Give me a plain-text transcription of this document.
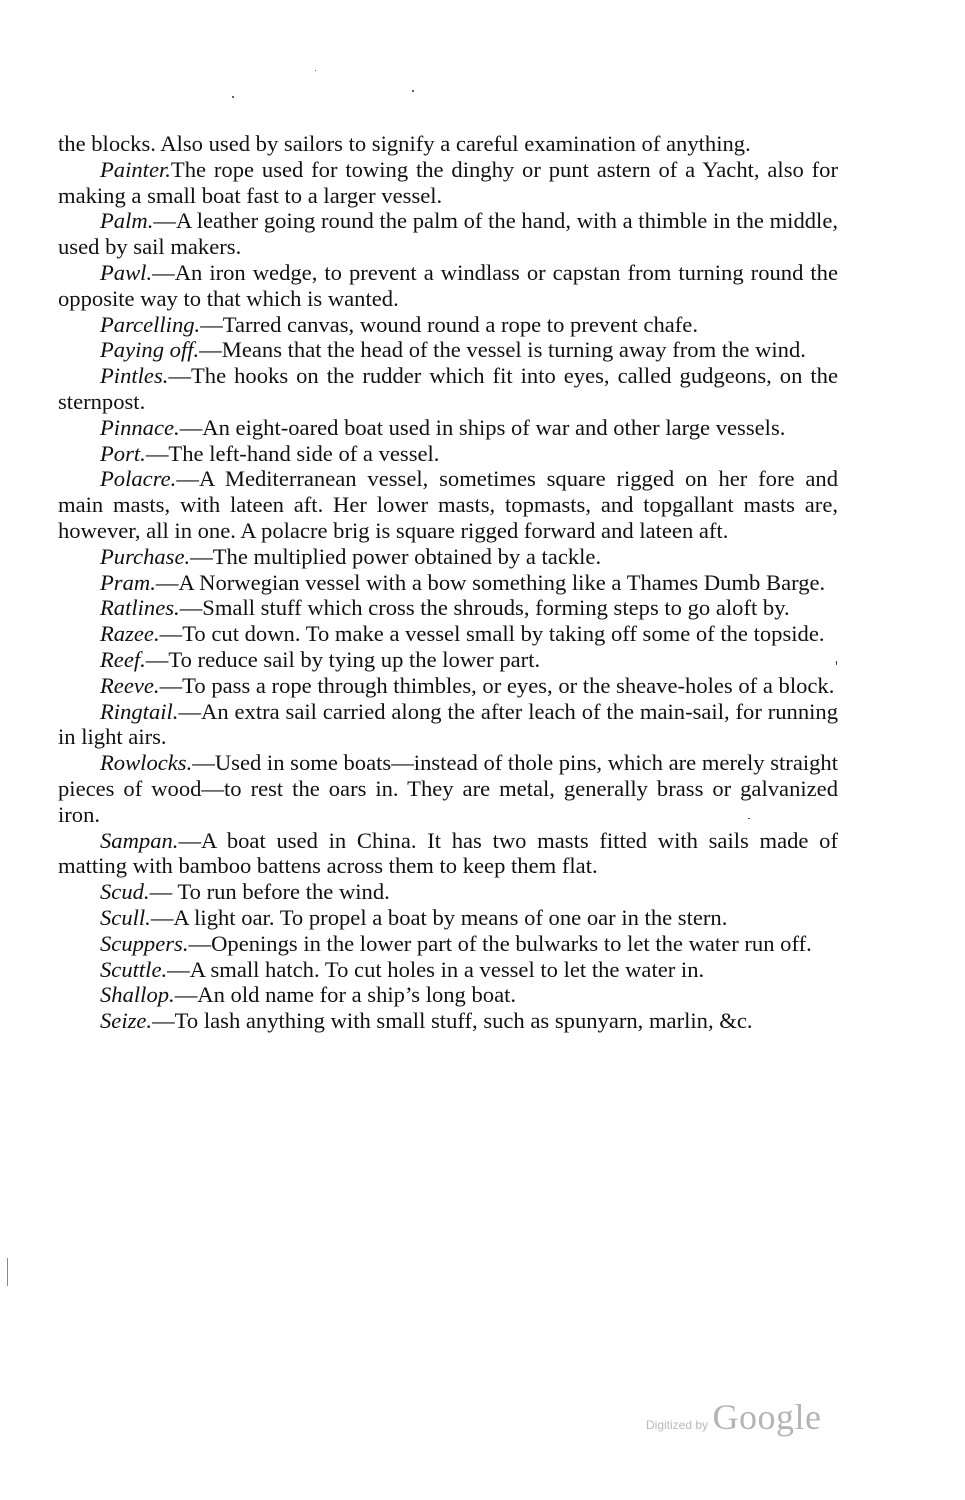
the blocks. Also used by sailors to signify a careful examination of anything.

Painter.The rope used for towing the dinghy or punt astern of a Yacht, also for making a small boat fast to a larger vessel.

Palm.—A leather going round the palm of the hand, with a thimble in the middle, used by sail makers.

Pawl.—An iron wedge, to prevent a windlass or capstan from turning round the opposite way to that which is wanted.

Parcelling.—Tarred canvas, wound round a rope to prevent chafe.

Paying off.—Means that the head of the vessel is turning away from the wind.

Pintles.—The hooks on the rudder which fit into eyes, called gudgeons, on the sternpost.

Pinnace.—An eight-oared boat used in ships of war and other large vessels.

Port.—The left-hand side of a vessel.

Polacre.—A Mediterranean vessel, sometimes square rigged on her fore and main masts, with lateen aft. Her lower masts, topmasts, and topgallant masts are, however, all in one. A polacre brig is square rigged forward and lateen aft.

Purchase.—The multiplied power obtained by a tackle.

Pram.—A Norwegian vessel with a bow something like a Thames Dumb Barge.

Ratlines.—Small stuff which cross the shrouds, forming steps to go aloft by.

Razee.—To cut down. To make a vessel small by taking off some of the topside.

Reef.—To reduce sail by tying up the lower part.

Reeve.—To pass a rope through thimbles, or eyes, or the sheave-holes of a block.

Ringtail.—An extra sail carried along the after leach of the main-sail, for running in light airs.

Rowlocks.—Used in some boats—instead of thole pins, which are merely straight pieces of wood—to rest the oars in. They are metal, generally brass or galvanized iron.

Sampan.—A boat used in China. It has two masts fitted with sails made of matting with bamboo battens across them to keep them flat.

Scud.— To run before the wind.

Scull.—A light oar. To propel a boat by means of one oar in the stern.

Scuppers.—Openings in the lower part of the bulwarks to let the water run off.

Scuttle.—A small hatch. To cut holes in a vessel to let the water in.

Shallop.—An old name for a ship’s long boat.

Seize.—To lash anything with small stuff, such as spunyarn, marlin, &c.

Digitized by Google
